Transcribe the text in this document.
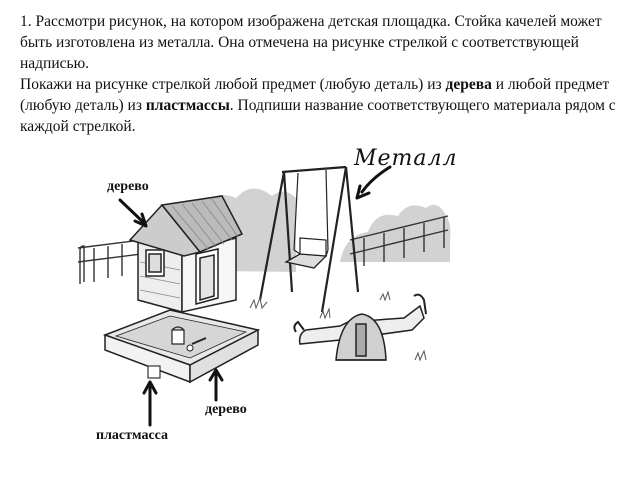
1. Рассмотри рисунок, на котором изображена детская площадка. Стойка качелей может быть изготовлена из металла. Она отмечена на рисунке стрелкой с соответствующей надписью.

Покажи на рисунке стрелкой любой предмет (любую деталь) из дерева и любой предмет (любую деталь) из пластмассы. Подпиши название соответствующего материала рядом с каждой стрелкой.

Металл
дерево
дерево
пластмасса
